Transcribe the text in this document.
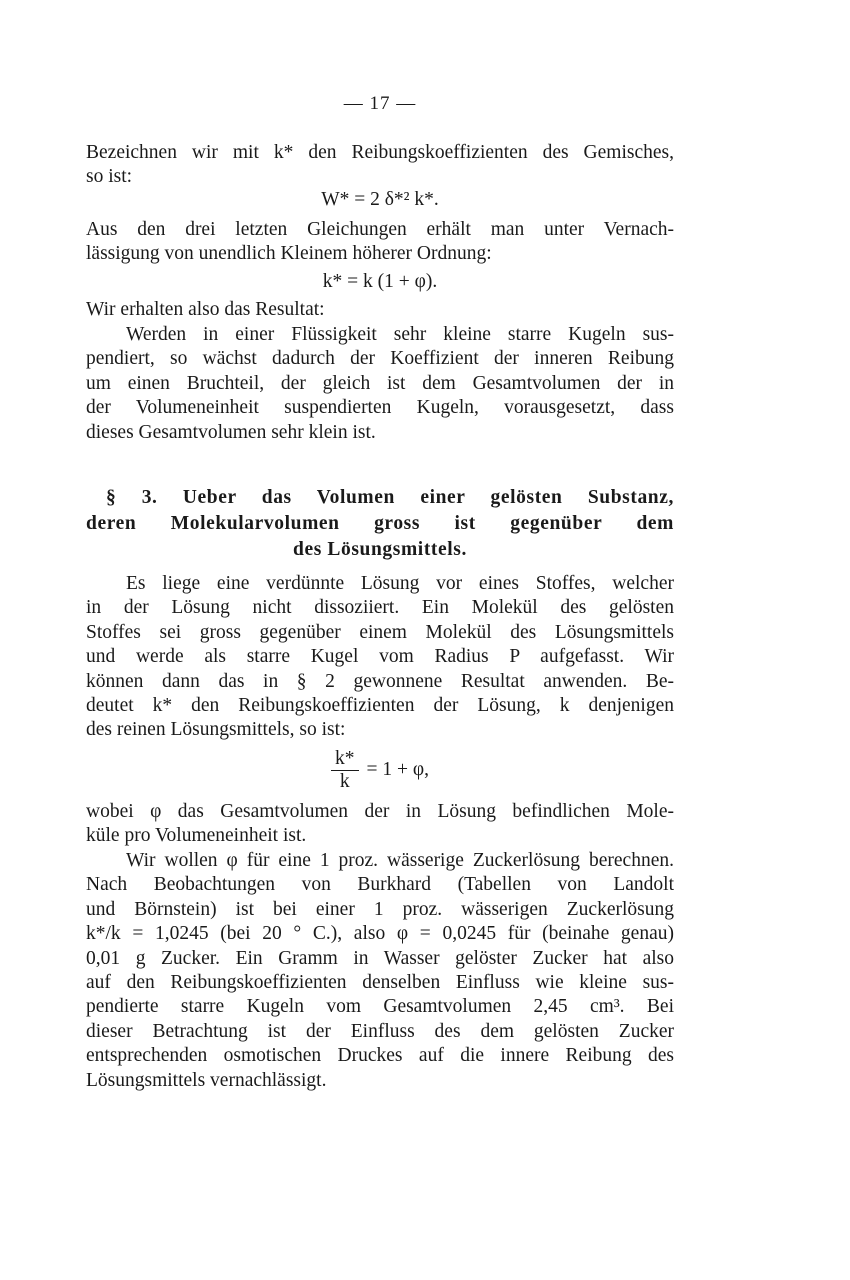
— 17 —
Bezeichnen wir mit k* den Reibungskoeffizienten des Gemisches,
so ist:
W* = 2 δ*² k*.
Aus den drei letzten Gleichungen erhält man unter Vernach-
lässigung von unendlich Kleinem höherer Ordnung:
k* = k (1 + φ).
Wir erhalten also das Resultat:
Werden in einer Flüssigkeit sehr kleine starre Kugeln sus-
pendiert, so wächst dadurch der Koeffizient der inneren Reibung
um einen Bruchteil, der gleich ist dem Gesamtvolumen der in
der Volumeneinheit suspendierten Kugeln, vorausgesetzt, dass
dieses Gesamtvolumen sehr klein ist.
§ 3. Ueber das Volumen einer gelösten Substanz,
deren Molekularvolumen gross ist gegenüber dem
des Lösungsmittels.
Es liege eine verdünnte Lösung vor eines Stoffes, welcher
in der Lösung nicht dissoziiert. Ein Molekül des gelösten
Stoffes sei gross gegenüber einem Molekül des Lösungsmittels
und werde als starre Kugel vom Radius P aufgefasst. Wir
können dann das in § 2 gewonnene Resultat anwenden. Be-
deutet k* den Reibungskoeffizienten der Lösung, k denjenigen
des reinen Lösungsmittels, so ist:
$\frac{k*}{k} = 1 + \varphi$,
wobei φ das Gesamtvolumen der in Lösung befindlichen Mole-
küle pro Volumeneinheit ist.
Wir wollen φ für eine 1 proz. wässerige Zuckerlösung berechnen.
Nach Beobachtungen von Burkhard (Tabellen von Landolt
und Börnstein) ist bei einer 1 proz. wässerigen Zuckerlösung
k*/k = 1,0245 (bei 20 ° C.), also φ = 0,0245 für (beinahe genau)
0,01 g Zucker. Ein Gramm in Wasser gelöster Zucker hat also
auf den Reibungskoeffizienten denselben Einfluss wie kleine sus-
pendierte starre Kugeln vom Gesamtvolumen 2,45 cm³. Bei
dieser Betrachtung ist der Einfluss des dem gelösten Zucker
entsprechenden osmotischen Druckes auf die innere Reibung des
Lösungsmittels vernachlässigt.
